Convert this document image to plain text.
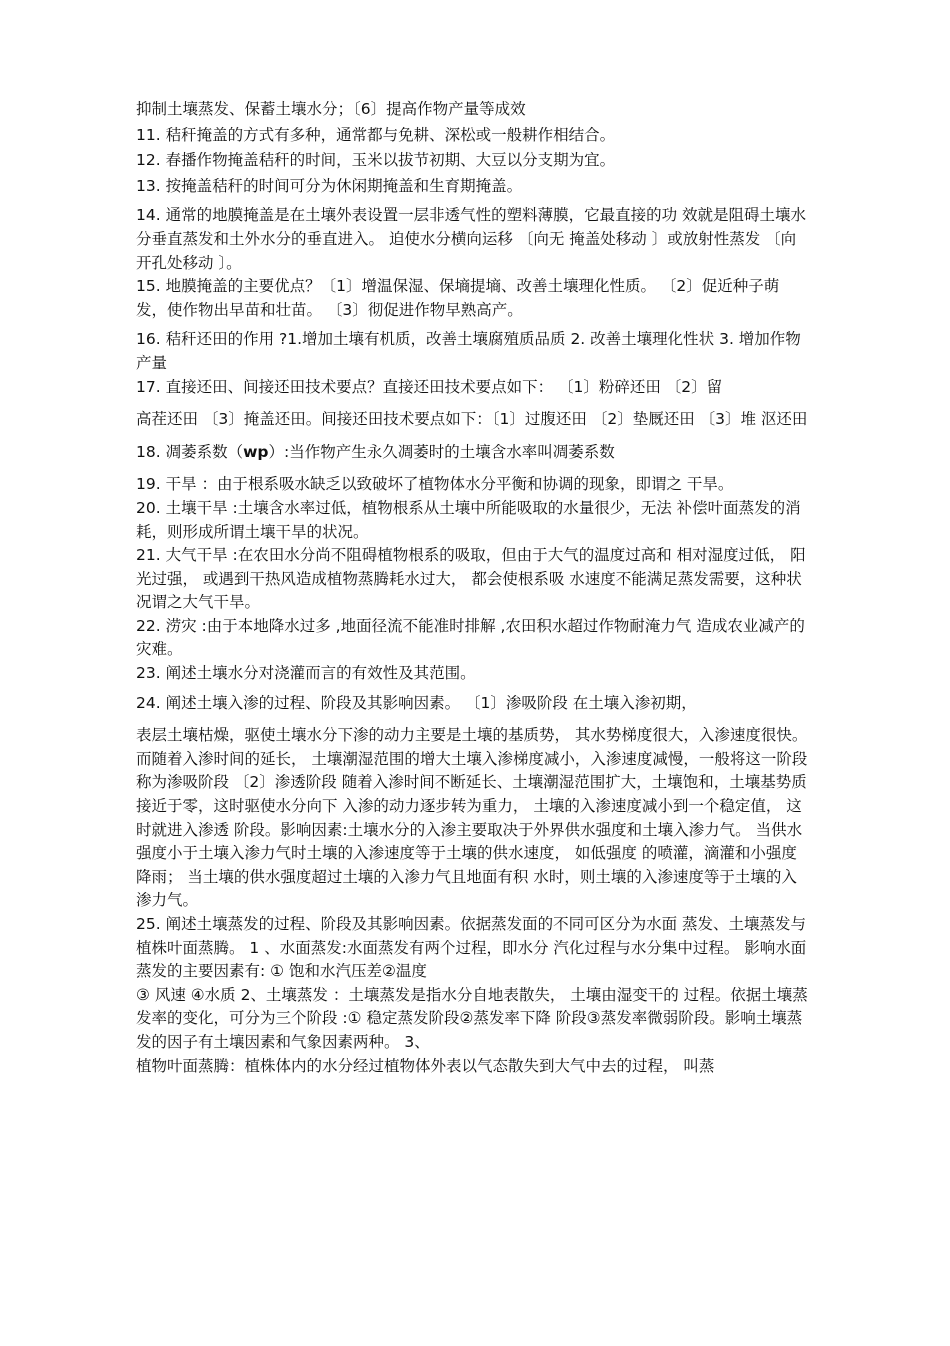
抑制土壤蒸发、保蓄土壤水分；〔6〕提高作物产量等成效

11. 秸秆掩盖的方式有多种，通常都与免耕、深松或一般耕作相结合。

12. 春播作物掩盖秸秆的时间，玉米以拔节初期、大豆以分支期为宜。

13. 按掩盖秸秆的时间可分为休闲期掩盖和生育期掩盖。

14. 通常的地膜掩盖是在土壤外表设置一层非透气性的塑料薄膜，它最直接的功 效就是阻碍土壤水分垂直蒸发和土外水分的垂直进入。 迫使水分横向运移 〔向无 掩盖处移动 〕或放射性蒸发 〔向开孔处移动 〕。

15. 地膜掩盖的主要优点？〔1〕增温保湿、保墒提墒、改善土壤理化性质。 〔2〕促近种子萌发，使作物出早苗和壮苗。 〔3〕彻促进作物早熟高产。

16. 秸秆还田的作用 ?1.增加土壤有机质，改善土壤腐殖质品质 2. 改善土壤理化性状 3. 增加作物产量

17. 直接还田、间接还田技术要点？直接还田技术要点如下： 〔1〕粉碎还田 〔2〕留

高茬还田 〔3〕掩盖还田。间接还田技术要点如下：〔1〕过腹还田 〔2〕垫厩还田 〔3〕堆 沤还田

18. 凋萎系数（wp）:当作物产生永久凋萎时的土壤含水率叫凋萎系数

19. 干旱 ：由于根系吸水缺乏以致破坏了植物体水分平衡和协调的现象，即谓之 干旱。

20. 土壤干旱 :土壤含水率过低，植物根系从土壤中所能吸取的水量很少，无法 补偿叶面蒸发的消耗，则形成所谓土壤干旱的状况。

21. 大气干旱 :在农田水分尚不阻碍植物根系的吸取，但由于大气的温度过高和 相对湿度过低， 阳光过强， 或遇到干热风造成植物蒸腾耗水过大， 都会使根系吸 水速度不能满足蒸发需要，这种状况谓之大气干旱。

22. 涝灾 :由于本地降水过多 ,地面径流不能准时排解 ,农田积水超过作物耐淹力气 造成农业减产的灾难。

23. 阐述土壤水分对浇灌而言的有效性及其范围。

24. 阐述土壤入渗的过程、阶段及其影响因素。 〔1〕渗吸阶段 在土壤入渗初期，

表层土壤枯燥，驱使土壤水分下渗的动力主要是土壤的基质势， 其水势梯度很大，入渗速度很快。而随着入渗时间的延长， 土壤潮湿范围的增大土壤入渗梯度减小，入渗速度减慢，一般将这一阶段称为渗吸阶段 〔2〕渗透阶段 随着入渗时间不断延长、土壤潮湿范围扩大，土壤饱和，土壤基势质接近于零，这时驱使水分向下 入渗的动力逐步转为重力， 土壤的入渗速度减小到一个稳定值， 这时就进入渗透 阶段。影响因素:土壤水分的入渗主要取决于外界供水强度和土壤入渗力气。 当供水强度小于土壤入渗力气时土壤的入渗速度等于土壤的供水速度， 如低强度 的喷灌，滴灌和小强度降雨； 当土壤的供水强度超过土壤的入渗力气且地面有积 水时，则土壤的入渗速度等于土壤的入渗力气。

25. 阐述土壤蒸发的过程、阶段及其影响因素。依据蒸发面的不同可区分为水面 蒸发、土壤蒸发与植株叶面蒸腾。 1 、水面蒸发:水面蒸发有两个过程，即水分 汽化过程与水分集中过程。 影响水面蒸发的主要因素有: ① 饱和水汽压差②温度

③ 风速 ④水质 2、土壤蒸发 ：土壤蒸发是指水分自地表散失， 土壤由湿变干的 过程。依据土壤蒸发率的变化，可分为三个阶段 :① 稳定蒸发阶段②蒸发率下降 阶段③蒸发率微弱阶段。影响土壤蒸发的因子有土壤因素和气象因素两种。 3、

植物叶面蒸腾：植株体内的水分经过植物体外表以气态散失到大气中去的过程， 叫蒸
